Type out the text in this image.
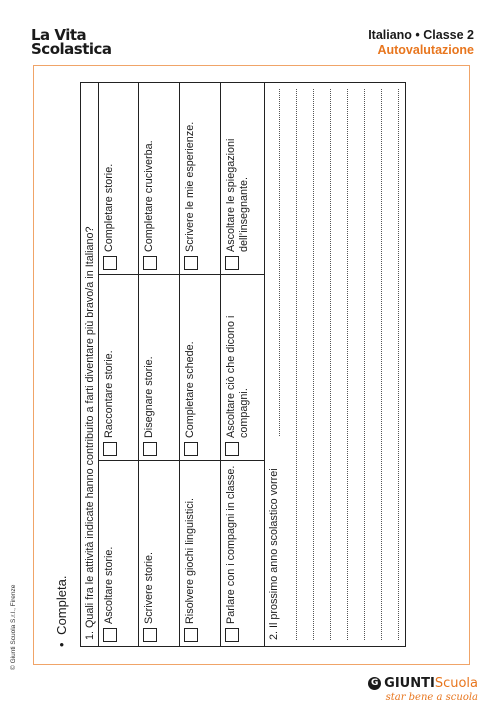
La Vita
Scolastica
Italiano • Classe 2
Autovalutazione
© Giunti Scuola S.r.l., Firenze	• Completa. 1. Quali fra le attività indicate hanno contribuito a farti diventare più bravo/a in Italiano? Ascoltare storie.
Raccontare storie.
Completare storie.
Scrivere storie.
Disegnare storie.
Completare cruciverba.
Risolvere giochi linguistici.
Completare schede.
Scrivere le mie esperienze.
Parlare con i compagni in classe.
Ascoltare ciò che dicono i compagni.
Ascoltare le spiegazioni dell’insegnante.
2. Il prossimo anno scolastico vorrei
G GIUNTI Scuola
star bene a scuola
